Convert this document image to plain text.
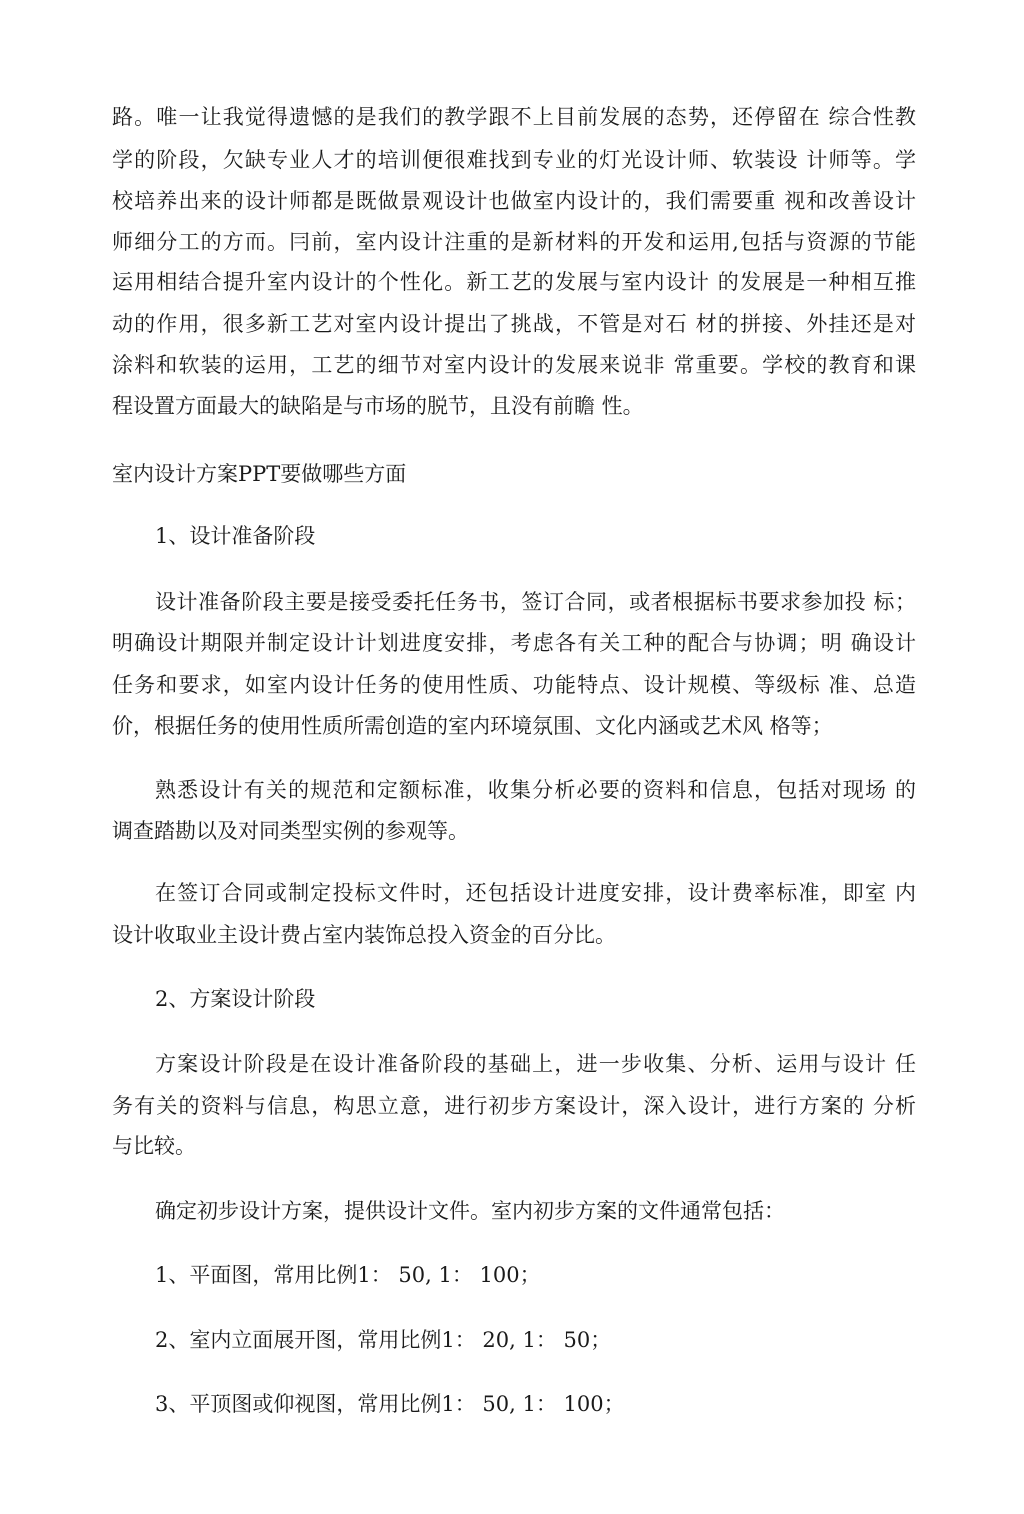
路。唯一让我觉得遗憾的是我们的教学跟不上目前发展的态势，还停留在 综合性教
学的阶段，欠缺专业人才的培训便很难找到专业的灯光设计师、软装设 计师等。学
校培养出来的设计师都是既做景观设计也做室内设计的，我们需要重 视和改善设计
师细分工的方而。冃前，室内设计注重的是新材料的开发和运用,包括与资源的节能
运用相结合提升室内设计的个性化。新工艺的发展与室内设计 的发展是一种相互推
动的作用，很多新工艺对室内设计提岀了挑战，不管是对石 材的拼接、外挂还是对
涂料和软装的运用，工艺的细节对室内设计的发展来说非 常重要。学校的教育和课
程设置方面最大的缺陷是与市场的脱节，且没有前瞻 性。
室内设计方案PPT要做哪些方面
1、设计准备阶段
设计准备阶段主要是接受委托任务书，签订合同，或者根据标书要求参加投 标；
明确设计期限并制定设计计划进度安排，考虑各有关工种的配合与协调；明 确设计
任务和要求，如室内设计任务的使用性质、功能特点、设计规模、等级标 准、总造
价，根据任务的使用性质所需创造的室内环境氛围、文化内涵或艺术风 格等；
熟悉设计有关的规范和定额标准，收集分析必要的资料和信息，包括对现场 的
调查踏勘以及对同类型实例的参观等。
在签订合同或制定投标文件时，还包括设计进度安排，设计费率标准，即室 内
设计收取业主设计费占室内装饰总投入资金的百分比。
2、方案设计阶段
方案设计阶段是在设计准备阶段的基础上，进一步收集、分析、运用与设计 任
务有关的资料与信息，构思立意，进行初步方案设计，深入设计，进行方案的 分析
与比较。
确定初步设计方案，提供设计文件。室内初步方案的文件通常包括：
1、平面图，常用比例1： 50, 1： 100；
2、室内立面展开图，常用比例1： 20, 1： 50；
3、平顶图或仰视图，常用比例1： 50, 1： 100；
